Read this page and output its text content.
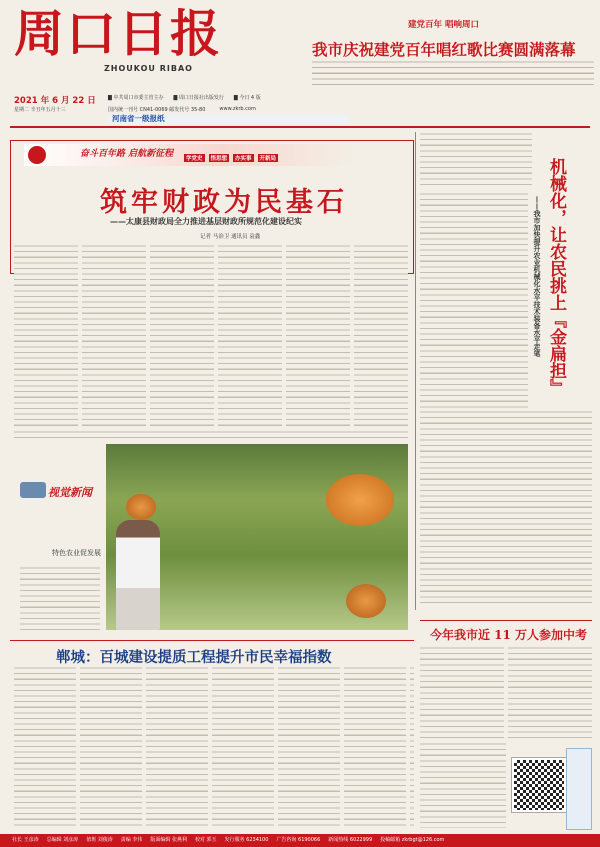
周口日报
ZHOUKOU RIBAO
建党百年 唱响周口
我市庆祝建党百年唱红歌比赛圆满落幕
2021 年 6 月 22 日
星期二 辛丑年五月十三
▇ 中共周口市委主管主办 ▇ 周口日报社出版发行 ▇ 今日 4 版
国内统一刊号 CN41-0069 邮发代号 35-80	www.zkrb.com
河南省一级报纸
奋斗百年路 启航新征程	学党史	悟思想	办实事	开新局
筑牢财政为民基石
——太康县财政局全力推进基层财政所规范化建设纪实
记者 马治卫 通讯员 袁鑫
视觉新闻
特色农业促发展
机械化，让农民挑上『金扁担』
——我市加快提升农业机械化水平技术装备水平走笔
郸城：百城建设提质工程提升市民幸福指数
今年我市近 11 万人参加中考
社长 王彦涛 总编辑 刘彦涛 值班 刘俊涛 责编 李伟 版面编辑 张燕利 校对 郭玉 发行服务 6234100 广告咨询 6190066 新闻热线 6022999 投稿邮箱 zkrbgt@126.com
